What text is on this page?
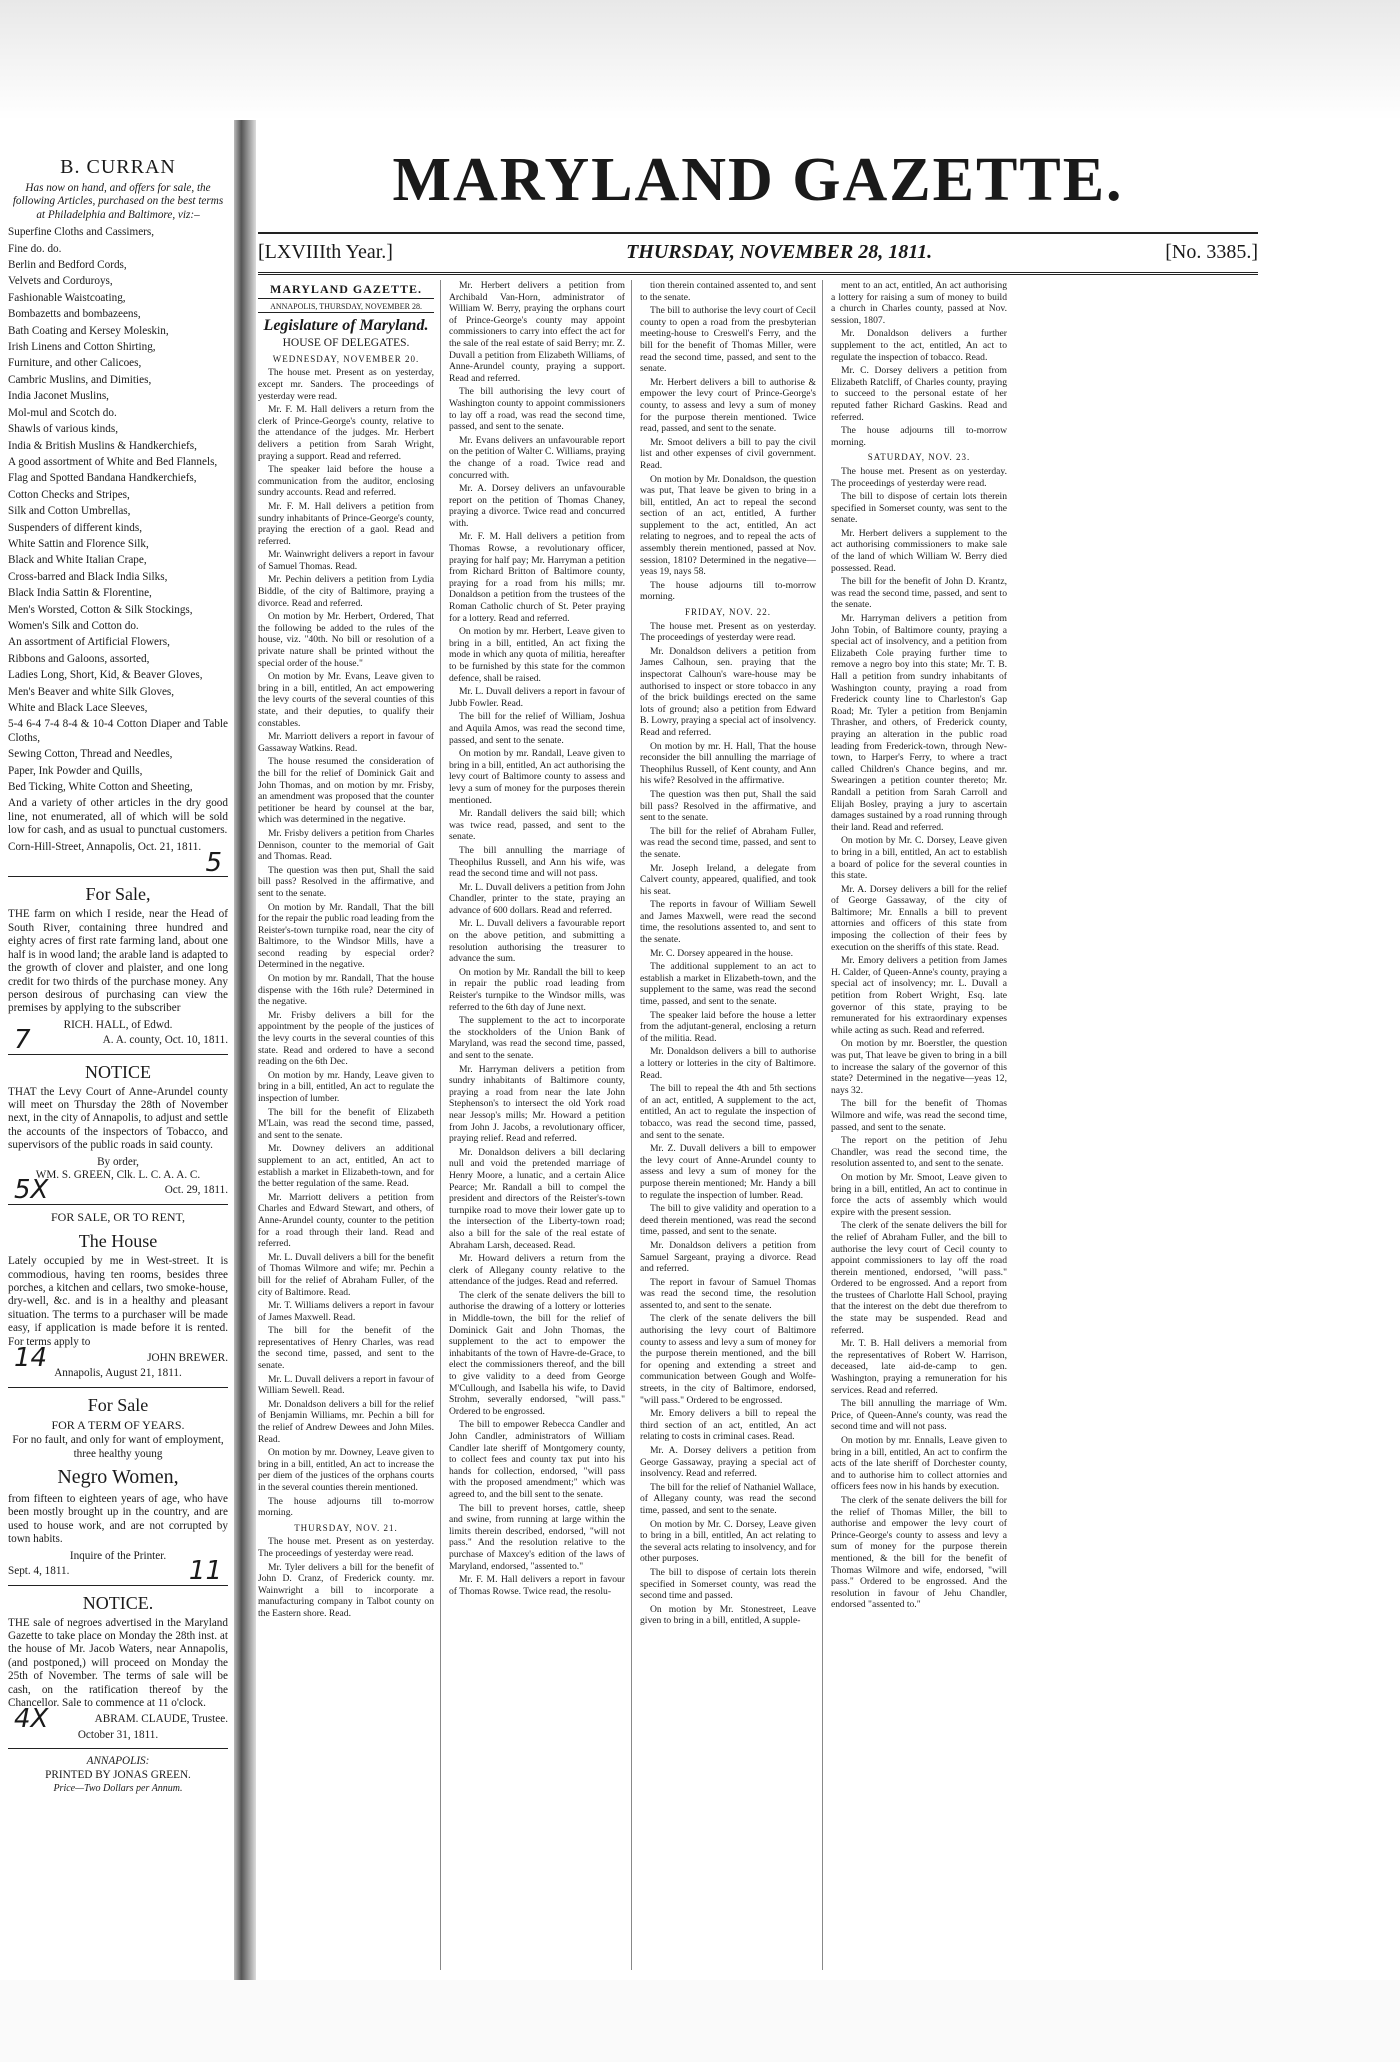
B. CURRAN
Has now on hand, and offers for sale, the following Articles, purchased on the best terms at Philadelphia and Baltimore, viz:–
Superfine Cloths and Cassimers,
Fine do. do.
Berlin and Bedford Cords,
Velvets and Corduroys,
Fashionable Waistcoating,
Bombazetts and bombazeens,
Bath Coating and Kersey Moleskin,
Irish Linens and Cotton Shirting,
Furniture, and other Calicoes,
Cambric Muslins, and Dimities,
India Jaconet Muslins,
Mol-mul and Scotch do.
Shawls of various kinds,
India & British Muslins & Handkerchiefs,
A good assortment of White and Bed Flannels,
Flag and Spotted Bandana Handkerchiefs,
Cotton Checks and Stripes,
Silk and Cotton Umbrellas,
Suspenders of different kinds,
White Sattin and Florence Silk,
Black and White Italian Crape,
Cross-barred and Black India Silks,
Black India Sattin & Florentine,
Men's Worsted, Cotton & Silk Stockings,
Women's Silk and Cotton do.
An assortment of Artificial Flowers,
Ribbons and Galoons, assorted,
Ladies Long, Short, Kid, & Beaver Gloves,
Men's Beaver and white Silk Gloves,
White and Black Lace Sleeves,
5-4 6-4 7-4 8-4 & 10-4 Cotton Diaper and Table Cloths,
Sewing Cotton, Thread and Needles,
Paper, Ink Powder and Quills,
Bed Ticking, White Cotton and Sheeting,
And a variety of other articles in the dry good line, not enumerated, all of which will be sold low for cash, and as usual to punctual customers.
Corn-Hill-Street, Annapolis, Oct. 21, 1811.
5
For Sale,
THE farm on which I reside, near the Head of South River, containing three hundred and eighty acres of first rate farming land, about one half is in wood land; the arable land is adapted to the growth of clover and plaister, and one long credit for two thirds of the purchase money. Any person desirous of purchasing can view the premises by applying to the subscriber
RICH. HALL, of Edwd.
7	A. A. county, Oct. 10, 1811.
NOTICE
THAT the Levy Court of Anne-Arundel county will meet on Thursday the 28th of November next, in the city of Annapolis, to adjust and settle the accounts of the inspectors of Tobacco, and supervisors of the public roads in said county.
By order,
WM. S. GREEN, Clk. L. C. A. A. C.
5X	Oct. 29, 1811.
FOR SALE, OR TO RENT,
The House
Lately occupied by me in West-street. It is commodious, having ten rooms, besides three porches, a kitchen and cellars, two smoke-house, dry-well, &c. and is in a healthy and pleasant situation. The terms to a purchaser will be made easy, if application is made before it is rented. For terms apply to
14	JOHN BREWER.
Annapolis, August 21, 1811.
For Sale
FOR A TERM OF YEARS.
For no fault, and only for want of employment, three healthy young
Negro Women,
from fifteen to eighteen years of age, who have been mostly brought up in the country, and are used to house work, and are not corrupted by town habits.
Inquire of the Printer.
Sept. 4, 1811.	11
NOTICE.
THE sale of negroes advertised in the Maryland Gazette to take place on Monday the 28th inst. at the house of Mr. Jacob Waters, near Annapolis, (and postponed,) will proceed on Monday the 25th of November. The terms of sale will be cash, on the ratification thereof by the Chancellor. Sale to commence at 11 o'clock.
4X	ABRAM. CLAUDE, Trustee.
October 31, 1811.
ANNAPOLIS:
PRINTED BY JONAS GREEN.
Price—Two Dollars per Annum.
MARYLAND GAZETTE.
[LXVIIIth Year.]	THURSDAY, NOVEMBER 28, 1811.	[No. 3385.]
MARYLAND GAZETTE.
ANNAPOLIS, THURSDAY, NOVEMBER 28.
Legislature of Maryland.
HOUSE OF DELEGATES.
WEDNESDAY, NOVEMBER 20.

The house met. Present as on yesterday, except mr. Sanders. The proceedings of yesterday were read.

Mr. F. M. Hall delivers a return from the clerk of Prince-George's county, relative to the attendance of the judges. Mr. Herbert delivers a petition from Sarah Wright, praying a support. Read and referred.

The speaker laid before the house a communication from the auditor, enclosing sundry accounts. Read and referred.

Mr. F. M. Hall delivers a petition from sundry inhabitants of Prince-George's county, praying the erection of a gaol. Read and referred.

Mr. Wainwright delivers a report in favour of Samuel Thomas. Read.

Mr. Pechin delivers a petition from Lydia Biddle, of the city of Baltimore, praying a divorce. Read and referred.

On motion by Mr. Herbert, Ordered, That the following be added to the rules of the house, viz. "40th. No bill or resolution of a private nature shall be printed without the special order of the house."

On motion by Mr. Evans, Leave given to bring in a bill, entitled, An act empowering the levy courts of the several counties of this state, and their deputies, to qualify their constables.

Mr. Marriott delivers a report in favour of Gassaway Watkins. Read.

The house resumed the consideration of the bill for the relief of Dominick Gait and John Thomas, and on motion by mr. Frisby, an amendment was proposed that the counter petitioner be heard by counsel at the bar, which was determined in the negative.

Mr. Frisby delivers a petition from Charles Dennison, counter to the memorial of Gait and Thomas. Read.

The question was then put, Shall the said bill pass? Resolved in the affirmative, and sent to the senate.

On motion by Mr. Randall, That the bill for the repair the public road leading from the Reister's-town turnpike road, near the city of Baltimore, to the Windsor Mills, have a second reading by especial order? Determined in the negative.

On motion by mr. Randall, That the house dispense with the 16th rule? Determined in the negative.

Mr. Frisby delivers a bill for the appointment by the people of the justices of the levy courts in the several counties of this state. Read and ordered to have a second reading on the 6th Dec.

On motion by mr. Handy, Leave given to bring in a bill, entitled, An act to regulate the inspection of lumber.

The bill for the benefit of Elizabeth M'Lain, was read the second time, passed, and sent to the senate.

Mr. Downey delivers an additional supplement to an act, entitled, An act to establish a market in Elizabeth-town, and for the better regulation of the same. Read.

Mr. Marriott delivers a petition from Charles and Edward Stewart, and others, of Anne-Arundel county, counter to the petition for a road through their land. Read and referred.

Mr. L. Duvall delivers a bill for the benefit of Thomas Wilmore and wife; mr. Pechin a bill for the relief of Abraham Fuller, of the city of Baltimore. Read.

Mr. T. Williams delivers a report in favour of James Maxwell. Read.

The bill for the benefit of the representatives of Henry Charles, was read the second time, passed, and sent to the senate.

Mr. L. Duvall delivers a report in favour of William Sewell. Read.

Mr. Donaldson delivers a bill for the relief of Benjamin Williams, mr. Pechin a bill for the relief of Andrew Dewees and John Miles. Read.

On motion by mr. Downey, Leave given to bring in a bill, entitled, An act to increase the per diem of the justices of the orphans courts in the several counties therein mentioned.

The house adjourns till to-morrow morning.

THURSDAY, NOV. 21.

The house met. Present as on yesterday. The proceedings of yesterday were read.

Mr. Tyler delivers a bill for the benefit of John D. Cranz, of Frederick county. mr. Wainwright a bill to incorporate a manufacturing company in Talbot county on the Eastern shore. Read.

Mr. Herbert delivers a petition from Archibald Van-Horn, administrator of William W. Berry, praying the orphans court of Prince-George's county may appoint commissioners to carry into effect the act for the sale of the real estate of said Berry; mr. Z. Duvall a petition from Elizabeth Williams, of Anne-Arundel county, praying a support. Read and referred.

The bill authorising the levy court of Washington county to appoint commissioners to lay off a road, was read the second time, passed, and sent to the senate.

Mr. Evans delivers an unfavourable report on the petition of Walter C. Williams, praying the change of a road. Twice read and concurred with.

Mr. A. Dorsey delivers an unfavourable report on the petition of Thomas Chaney, praying a divorce. Twice read and concurred with.

Mr. F. M. Hall delivers a petition from Thomas Rowse, a revolutionary officer, praying for half pay; Mr. Harryman a petition from Richard Britton of Baltimore county, praying for a road from his mills; mr. Donaldson a petition from the trustees of the Roman Catholic church of St. Peter praying for a lottery. Read and referred.

On motion by mr. Herbert, Leave given to bring in a bill, entitled, An act fixing the mode in which any quota of militia, hereafter to be furnished by this state for the common defence, shall be raised.

Mr. L. Duvall delivers a report in favour of Jubb Fowler. Read.

The bill for the relief of William, Joshua and Aquila Amos, was read the second time, passed, and sent to the senate.

On motion by mr. Randall, Leave given to bring in a bill, entitled, An act authorising the levy court of Baltimore county to assess and levy a sum of money for the purposes therein mentioned.

Mr. Randall delivers the said bill; which was twice read, passed, and sent to the senate.

The bill annulling the marriage of Theophilus Russell, and Ann his wife, was read the second time and will not pass.

Mr. L. Duvall delivers a petition from John Chandler, printer to the state, praying an advance of 600 dollars. Read and referred.

Mr. L. Duvall delivers a favourable report on the above petition, and submitting a resolution authorising the treasurer to advance the sum.

On motion by Mr. Randall the bill to keep in repair the public road leading from Reister's turnpike to the Windsor mills, was referred to the 6th day of June next.

The supplement to the act to incorporate the stockholders of the Union Bank of Maryland, was read the second time, passed, and sent to the senate.

Mr. Harryman delivers a petition from sundry inhabitants of Baltimore county, praying a road from near the late John Stephenson's to intersect the old York road near Jessop's mills; Mr. Howard a petition from John J. Jacobs, a revolutionary officer, praying relief. Read and referred.

Mr. Donaldson delivers a bill declaring null and void the pretended marriage of Henry Moore, a lunatic, and a certain Alice Pearce; Mr. Randall a bill to compel the president and directors of the Reister's-town turnpike road to move their lower gate up to the intersection of the Liberty-town road; also a bill for the sale of the real estate of Abraham Larsh, deceased. Read.

Mr. Howard delivers a return from the clerk of Allegany county relative to the attendance of the judges. Read and referred.

The clerk of the senate delivers the bill to authorise the drawing of a lottery or lotteries in Middle-town, the bill for the relief of Dominick Gait and John Thomas, the supplement to the act to empower the inhabitants of the town of Havre-de-Grace, to elect the commissioners thereof, and the bill to give validity to a deed from George M'Cullough, and Isabella his wife, to David Strohm, severally endorsed, "will pass." Ordered to be engrossed.

The bill to empower Rebecca Candler and John Candler, administrators of William Candler late sheriff of Montgomery county, to collect fees and county tax put into his hands for collection, endorsed, "will pass with the proposed amendment;" which was agreed to, and the bill sent to the senate.

The bill to prevent horses, cattle, sheep and swine, from running at large within the limits therein described, endorsed, "will not pass." And the resolution relative to the purchase of Maxcey's edition of the laws of Maryland, endorsed, "assented to."

Mr. F. M. Hall delivers a report in favour of Thomas Rowse. Twice read, the resolu-

tion therein contained assented to, and sent to the senate.

The bill to authorise the levy court of Cecil county to open a road from the presbyterian meeting-house to Creswell's Ferry, and the bill for the benefit of Thomas Miller, were read the second time, passed, and sent to the senate.

Mr. Herbert delivers a bill to authorise & empower the levy court of Prince-George's county, to assess and levy a sum of money for the purpose therein mentioned. Twice read, passed, and sent to the senate.

Mr. Smoot delivers a bill to pay the civil list and other expenses of civil government. Read.

On motion by Mr. Donaldson, the question was put, That leave be given to bring in a bill, entitled, An act to repeal the second section of an act, entitled, A further supplement to the act, entitled, An act relating to negroes, and to repeal the acts of assembly therein mentioned, passed at Nov. session, 1810? Determined in the negative—yeas 19, nays 58.

The house adjourns till to-morrow morning.

FRIDAY, NOV. 22.

The house met. Present as on yesterday. The proceedings of yesterday were read.

Mr. Donaldson delivers a petition from James Calhoun, sen. praying that the inspectorat Calhoun's ware-house may be authorised to inspect or store tobacco in any of the brick buildings erected on the same lots of ground; also a petition from Edward B. Lowry, praying a special act of insolvency. Read and referred.

On motion by mr. H. Hall, That the house reconsider the bill annulling the marriage of Theophilus Russell, of Kent county, and Ann his wife? Resolved in the affirmative.

The question was then put, Shall the said bill pass? Resolved in the affirmative, and sent to the senate.

The bill for the relief of Abraham Fuller, was read the second time, passed, and sent to the senate.

Mr. Joseph Ireland, a delegate from Calvert county, appeared, qualified, and took his seat.

The reports in favour of William Sewell and James Maxwell, were read the second time, the resolutions assented to, and sent to the senate.

Mr. C. Dorsey appeared in the house.

The additional supplement to an act to establish a market in Elizabeth-town, and the supplement to the same, was read the second time, passed, and sent to the senate.

The speaker laid before the house a letter from the adjutant-general, enclosing a return of the militia. Read.

Mr. Donaldson delivers a bill to authorise a lottery or lotteries in the city of Baltimore. Read.

The bill to repeal the 4th and 5th sections of an act, entitled, A supplement to the act, entitled, An act to regulate the inspection of tobacco, was read the second time, passed, and sent to the senate.

Mr. Z. Duvall delivers a bill to empower the levy court of Anne-Arundel county to assess and levy a sum of money for the purpose therein mentioned; Mr. Handy a bill to regulate the inspection of lumber. Read.

The bill to give validity and operation to a deed therein mentioned, was read the second time, passed, and sent to the senate.

Mr. Donaldson delivers a petition from Samuel Sargeant, praying a divorce. Read and referred.

The report in favour of Samuel Thomas was read the second time, the resolution assented to, and sent to the senate.

The clerk of the senate delivers the bill authorising the levy court of Baltimore county to assess and levy a sum of money for the purpose therein mentioned, and the bill for opening and extending a street and communication between Gough and Wolfe-streets, in the city of Baltimore, endorsed, "will pass." Ordered to be engrossed.

Mr. Emory delivers a bill to repeal the third section of an act, entitled, An act relating to costs in criminal cases. Read.

Mr. A. Dorsey delivers a petition from George Gassaway, praying a special act of insolvency. Read and referred.

The bill for the relief of Nathaniel Wallace, of Allegany county, was read the second time, passed, and sent to the senate.

On motion by Mr. C. Dorsey, Leave given to bring in a bill, entitled, An act relating to the several acts relating to insolvency, and for other purposes.

The bill to dispose of certain lots therein specified in Somerset county, was read the second time and passed.

On motion by Mr. Stonestreet, Leave given to bring in a bill, entitled, A supple-

ment to an act, entitled, An act authorising a lottery for raising a sum of money to build a church in Charles county, passed at Nov. session, 1807.

Mr. Donaldson delivers a further supplement to the act, entitled, An act to regulate the inspection of tobacco. Read.

Mr. C. Dorsey delivers a petition from Elizabeth Ratcliff, of Charles county, praying to succeed to the personal estate of her reputed father Richard Gaskins. Read and referred.

The house adjourns till to-morrow morning.

SATURDAY, NOV. 23.

The house met. Present as on yesterday. The proceedings of yesterday were read.

The bill to dispose of certain lots therein specified in Somerset county, was sent to the senate.

Mr. Herbert delivers a supplement to the act authorising commissioners to make sale of the land of which William W. Berry died possessed. Read.

The bill for the benefit of John D. Krantz, was read the second time, passed, and sent to the senate.

Mr. Harryman delivers a petition from John Tobin, of Baltimore county, praying a special act of insolvency, and a petition from Elizabeth Cole praying further time to remove a negro boy into this state; Mr. T. B. Hall a petition from sundry inhabitants of Washington county, praying a road from Frederick county line to Charleston's Gap Road; Mr. Tyler a petition from Benjamin Thrasher, and others, of Frederick county, praying an alteration in the public road leading from Frederick-town, through New-town, to Harper's Ferry, to where a tract called Children's Chance begins, and mr. Swearingen a petition counter thereto; Mr. Randall a petition from Sarah Carroll and Elijah Bosley, praying a jury to ascertain damages sustained by a road running through their land. Read and referred.

On motion by Mr. C. Dorsey, Leave given to bring in a bill, entitled, An act to establish a board of police for the several counties in this state.

Mr. A. Dorsey delivers a bill for the relief of George Gassaway, of the city of Baltimore; Mr. Ennalls a bill to prevent attornies and officers of this state from imposing the collection of their fees by execution on the sheriffs of this state. Read.

Mr. Emory delivers a petition from James H. Calder, of Queen-Anne's county, praying a special act of insolvency; mr. L. Duvall a petition from Robert Wright, Esq. late governor of this state, praying to be remunerated for his extraordinary expenses while acting as such. Read and referred.

On motion by mr. Boerstler, the question was put, That leave be given to bring in a bill to increase the salary of the governor of this state? Determined in the negative—yeas 12, nays 32.

The bill for the benefit of Thomas Wilmore and wife, was read the second time, passed, and sent to the senate.

The report on the petition of Jehu Chandler, was read the second time, the resolution assented to, and sent to the senate.

On motion by Mr. Smoot, Leave given to bring in a bill, entitled, An act to continue in force the acts of assembly which would expire with the present session.

The clerk of the senate delivers the bill for the relief of Abraham Fuller, and the bill to authorise the levy court of Cecil county to appoint commissioners to lay off the road therein mentioned, endorsed, "will pass." Ordered to be engrossed. And a report from the trustees of Charlotte Hall School, praying that the interest on the debt due therefrom to the state may be suspended. Read and referred.

Mr. T. B. Hall delivers a memorial from the representatives of Robert W. Harrison, deceased, late aid-de-camp to gen. Washington, praying a remuneration for his services. Read and referred.

The bill annulling the marriage of Wm. Price, of Queen-Anne's county, was read the second time and will not pass.

On motion by mr. Ennalls, Leave given to bring in a bill, entitled, An act to confirm the acts of the late sheriff of Dorchester county, and to authorise him to collect attornies and officers fees now in his hands by execution.

The clerk of the senate delivers the bill for the relief of Thomas Miller, the bill to authorise and empower the levy court of Prince-George's county to assess and levy a sum of money for the purpose therein mentioned, & the bill for the benefit of Thomas Wilmore and wife, endorsed, "will pass." Ordered to be engrossed. And the resolution in favour of Jehu Chandler, endorsed "assented to."
